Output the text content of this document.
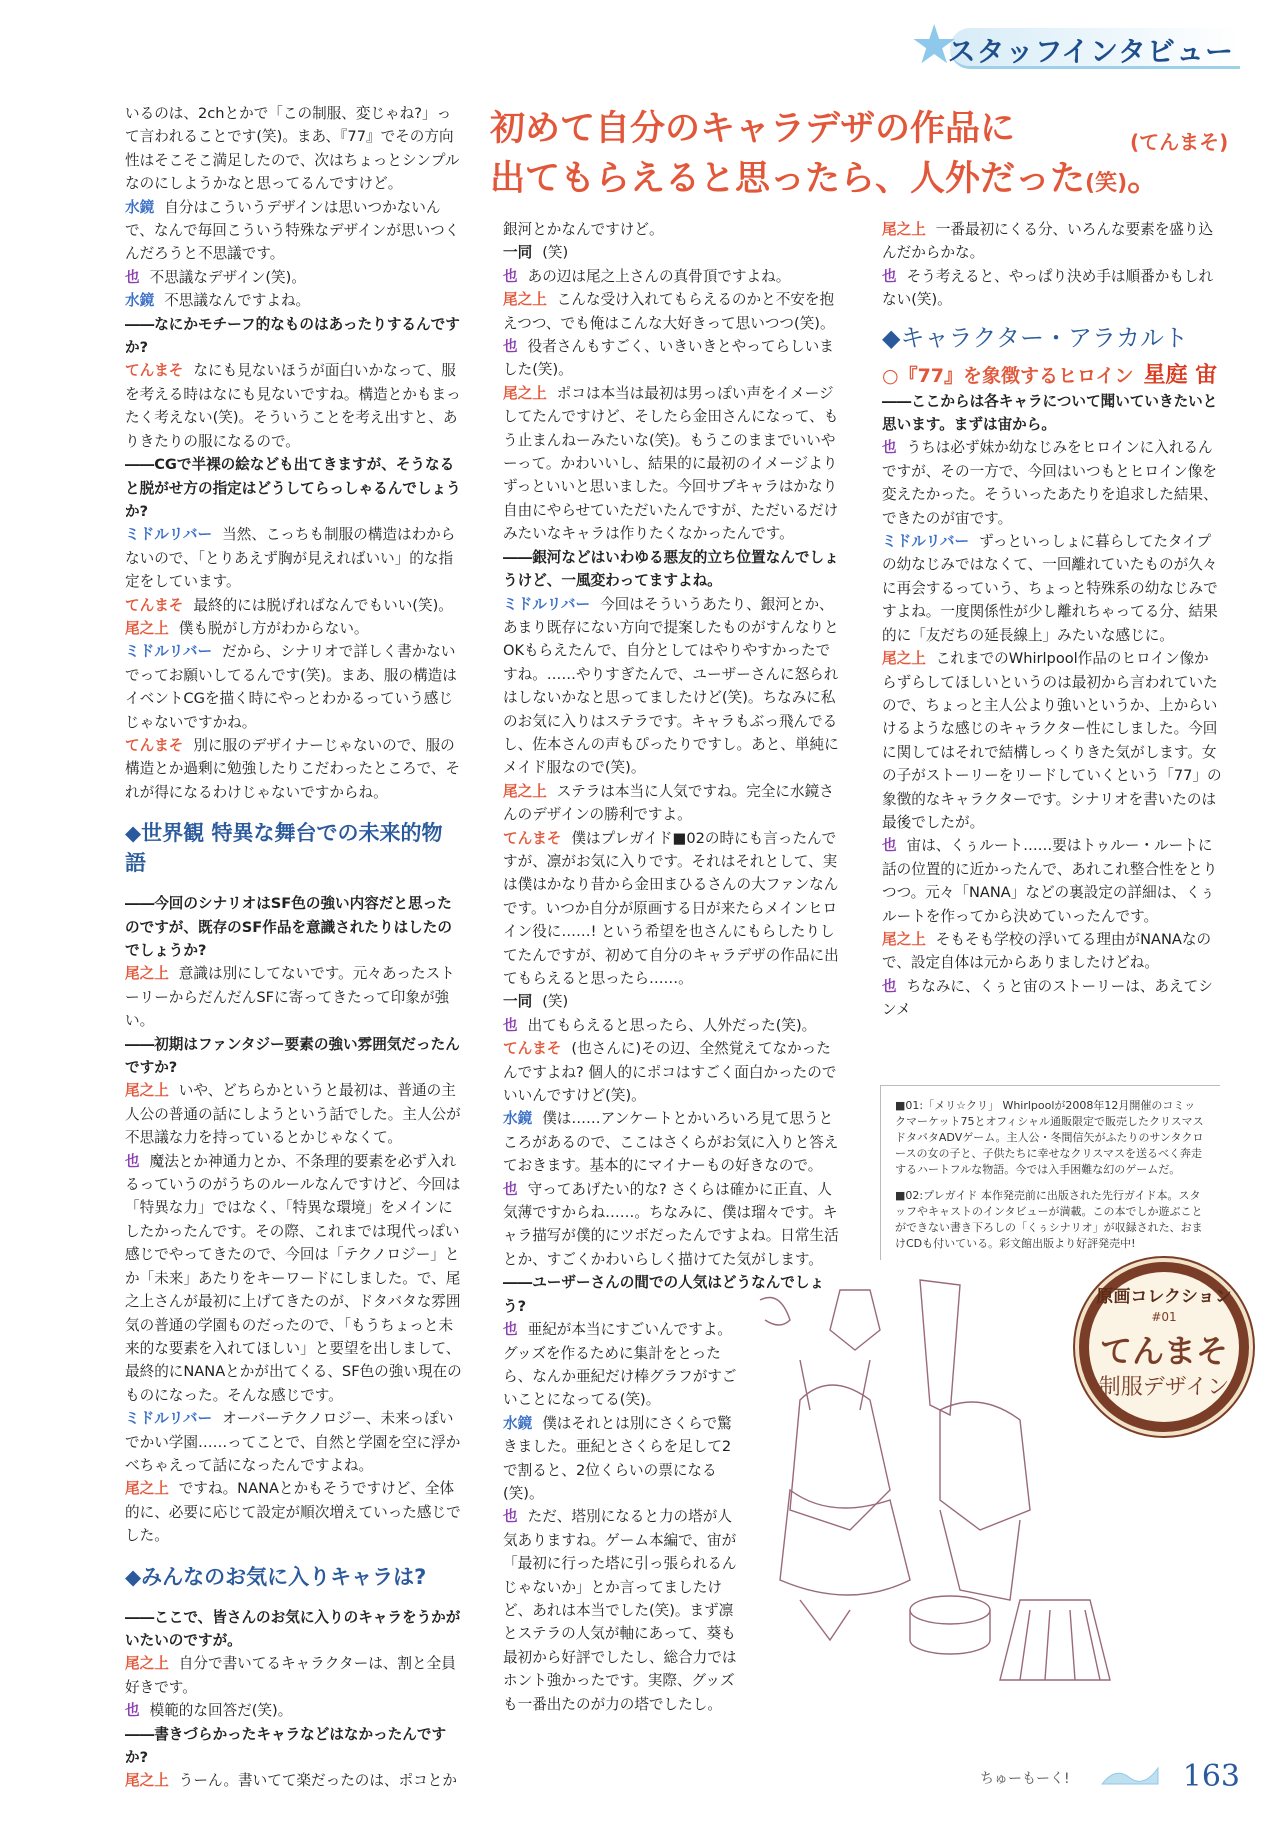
★
スタッフインタビュー
初めて自分のキャラデザの作品に
出てもらえると思ったら、人外だった(笑)。
(てんまそ)

いるのは、2chとかで「この制服、変じゃね?」って言われることです(笑)。まあ、『77』でその方向性はそこそこ満足したので、次はちょっとシンプルなのにしようかなと思ってるんですけど。

水鏡 自分はこういうデザインは思いつかないんで、なんで毎回こういう特殊なデザインが思いつくんだろうと不思議です。

也 不思議なデザイン(笑)。

水鏡 不思議なんですよね。

――なにかモチーフ的なものはあったりするんですか?

てんまそ なにも見ないほうが面白いかなって、服を考える時はなにも見ないですね。構造とかもまったく考えない(笑)。そういうことを考え出すと、ありきたりの服になるので。

――CGで半裸の絵なども出てきますが、そうなると脱がせ方の指定はどうしてらっしゃるんでしょうか?

ミドルリバー 当然、こっちも制服の構造はわからないので、「とりあえず胸が見えればいい」的な指定をしています。

てんまそ 最終的には脱げればなんでもいい(笑)。

尾之上 僕も脱がし方がわからない。

ミドルリバー だから、シナリオで詳しく書かないでってお願いしてるんです(笑)。まあ、服の構造はイベントCGを描く時にやっとわかるっていう感じじゃないですかね。

てんまそ 別に服のデザイナーじゃないので、服の構造とか過剰に勉強したりこだわったところで、それが得になるわけじゃないですからね。

◆世界観 特異な舞台での未来的物語

――今回のシナリオはSF色の強い内容だと思ったのですが、既存のSF作品を意識されたりはしたのでしょうか?

尾之上 意識は別にしてないです。元々あったストーリーからだんだんSFに寄ってきたって印象が強い。

――初期はファンタジー要素の強い雰囲気だったんですか?

尾之上 いや、どちらかというと最初は、普通の主人公の普通の話にしようという話でした。主人公が不思議な力を持っているとかじゃなくて。

也 魔法とか神通力とか、不条理的要素を必ず入れるっていうのがうちのルールなんですけど、今回は「特異な力」ではなく、「特異な環境」をメインにしたかったんです。その際、これまでは現代っぽい感じでやってきたので、今回は「テクノロジー」とか「未来」あたりをキーワードにしました。で、尾之上さんが最初に上げてきたのが、ドタバタな雰囲気の普通の学園ものだったので、「もうちょっと未来的な要素を入れてほしい」と要望を出しまして、最終的にNANAとかが出てくる、SF色の強い現在のものになった。そんな感じです。

ミドルリバー オーバーテクノロジー、未来っぽいでかい学園……ってことで、自然と学園を空に浮かべちゃえって話になったんですよね。

尾之上 ですね。NANAとかもそうですけど、全体的に、必要に応じて設定が順次増えていった感じでした。

◆みんなのお気に入りキャラは?

――ここで、皆さんのお気に入りのキャラをうかがいたいのですが。

尾之上 自分で書いてるキャラクターは、割と全員好きです。

也 模範的な回答だ(笑)。

――書きづらかったキャラなどはなかったんですか?

尾之上 うーん。書いてて楽だったのは、ポコとか

銀河とかなんですけど。

一同 (笑)

也 あの辺は尾之上さんの真骨頂ですよね。

尾之上 こんな受け入れてもらえるのかと不安を抱えつつ、でも俺はこんな大好きって思いつつ(笑)。

也 役者さんもすごく、いきいきとやってらしいました(笑)。

尾之上 ポコは本当は最初は男っぽい声をイメージしてたんですけど、そしたら金田さんになって、もう止まんねーみたいな(笑)。もうこのままでいいやーって。かわいいし、結果的に最初のイメージよりずっといいと思いました。今回サブキャラはかなり自由にやらせていただいたんですが、ただいるだけみたいなキャラは作りたくなかったんです。

――銀河などはいわゆる悪友的立ち位置なんでしょうけど、一風変わってますよね。

ミドルリバー 今回はそういうあたり、銀河とか、あまり既存にない方向で提案したものがすんなりとOKもらえたんで、自分としてはやりやすかったですね。……やりすぎたんで、ユーザーさんに怒られはしないかなと思ってましたけど(笑)。ちなみに私のお気に入りはステラです。キャラもぶっ飛んでるし、佐本さんの声もぴったりですし。あと、単純にメイド服なので(笑)。

尾之上 ステラは本当に人気ですね。完全に水鏡さんのデザインの勝利ですよ。

てんまそ 僕はプレガイド■02の時にも言ったんですが、凛がお気に入りです。それはそれとして、実は僕はかなり昔から金田まひるさんの大ファンなんです。いつか自分が原画する日が来たらメインヒロイン役に……! という希望を也さんにもらしたりしてたんですが、初めて自分のキャラデザの作品に出てもらえると思ったら……。

一同 (笑)

也 出てもらえると思ったら、人外だった(笑)。

てんまそ (也さんに)その辺、全然覚えてなかったんですよね? 個人的にポコはすごく面白かったのでいいんですけど(笑)。

水鏡 僕は……アンケートとかいろいろ見て思うところがあるので、ここはさくらがお気に入りと答えておきます。基本的にマイナーもの好きなので。

也 守ってあげたい的な? さくらは確かに正直、人気薄ですからね……。ちなみに、僕は瑠々です。キャラ描写が僕的にツボだったんですよね。日常生活とか、すごくかわいらしく描けてた気がします。

――ユーザーさんの間での人気はどうなんでしょう?

也 亜紀が本当にすごいんですよ。グッズを作るために集計をとったら、なんか亜紀だけ棒グラフがすごいことになってる(笑)。

水鏡 僕はそれとは別にさくらで驚きました。亜紀とさくらを足して2で割ると、2位くらいの票になる(笑)。

也 ただ、塔別になると力の塔が人気ありますね。ゲーム本編で、宙が「最初に行った塔に引っ張られるんじゃないか」とか言ってましたけど、あれは本当でした(笑)。まず凛とステラの人気が軸にあって、葵も最初から好評でしたし、総合力ではホント強かったです。実際、グッズも一番出たのが力の塔でしたし。

尾之上 一番最初にくる分、いろんな要素を盛り込んだからかな。

也 そう考えると、やっぱり決め手は順番かもしれない(笑)。

◆キャラクター・アラカルト
○『77』を象徴するヒロイン 星庭 宙

――ここからは各キャラについて聞いていきたいと思います。まずは宙から。

也 うちは必ず妹か幼なじみをヒロインに入れるんですが、その一方で、今回はいつもとヒロイン像を変えたかった。そういったあたりを追求した結果、できたのが宙です。

ミドルリバー ずっといっしょに暮らしてたタイプの幼なじみではなくて、一回離れていたものが久々に再会するっていう、ちょっと特殊系の幼なじみですよね。一度関係性が少し離れちゃってる分、結果的に「友だちの延長線上」みたいな感じに。

尾之上 これまでのWhirlpool作品のヒロイン像からずらしてほしいというのは最初から言われていたので、ちょっと主人公より強いというか、上からいけるような感じのキャラクター性にしました。今回に関してはそれで結構しっくりきた気がします。女の子がストーリーをリードしていくという「77」の象徴的なキャラクターです。シナリオを書いたのは最後でしたが。

也 宙は、くぅルート……要はトゥルー・ルートに話の位置的に近かったんで、あれこれ整合性をとりつつ。元々「NANA」などの裏設定の詳細は、くぅルートを作ってから決めていったんです。

尾之上 そもそも学校の浮いてる理由がNANAなので、設定自体は元からありましたけどね。

也 ちなみに、くぅと宙のストーリーは、あえてシンメ

■01:「メリ☆クリ」 Whirlpoolが2008年12月開催のコミックマーケット75とオフィシャル通販限定で販売したクリスマスドタバタADVゲーム。主人公・冬間信矢がふたりのサンタクロースの女の子と、子供たちに幸せなクリスマスを送るべく奔走するハートフルな物語。今では入手困難な幻のゲームだ。

■02:プレガイド 本作発売前に出版された先行ガイド本。スタッフやキャストのインタビューが満載。この本でしか遊ぶことができない書き下ろしの「くぅシナリオ」が収録された、おまけCDも付いている。彩文館出版より好評発売中!

原画コレクション
#01
てんまそ
制服デザイン
ちゅーもーく!	163
